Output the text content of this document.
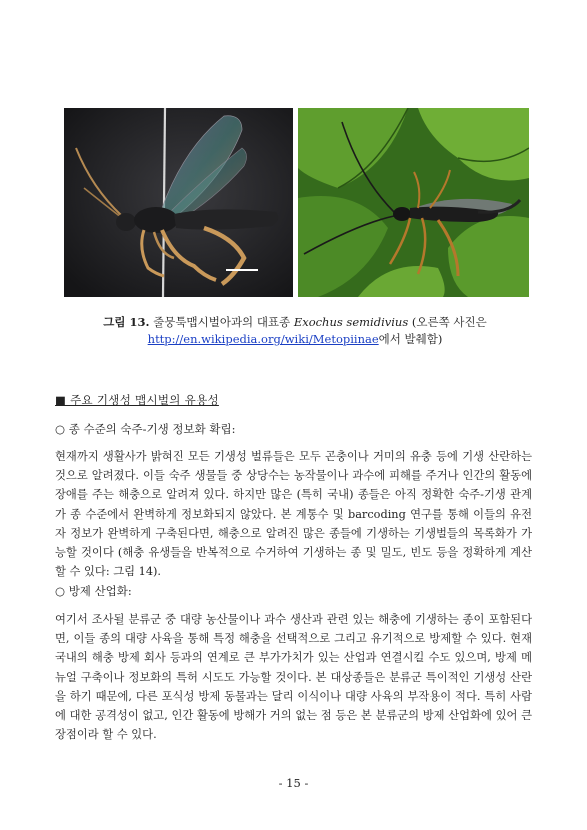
그림 13. 줄뭉툭맵시벌아과의 대표종 Exochus semidivius (오른쪽 사진은
http://en.wikipedia.org/wiki/Metopiinae에서 발췌함)
■ 주요 기생성 맵시벌의 유용성
○ 종 수준의 숙주-기생 정보화 확립:
현재까지 생활사가 밝혀진 모든 기생성 벌류들은 모두 곤충이나 거미의 유충 등에 기생 산란하는 것으로 알려졌다. 이들 숙주 생물들 중 상당수는 농작물이나 과수에 피해를 주거나 인간의 활동에 장애를 주는 해충으로 알려져 있다. 하지만 많은 (특히 국내) 종들은 아직 정확한 숙주-기생 관계가 종 수준에서 완벽하게 정보화되지 않았다. 본 계통수 및 barcoding 연구를 통해 이들의 유전자 정보가 완벽하게 구축된다면, 해충으로 알려진 많은 종들에 기생하는 기생벌들의 목록화가 가능할 것이다 (해충 유생들을 반복적으로 수거하여 기생하는 종 및 밀도, 빈도 등을 정확하게 계산할 수 있다: 그림 14).
○ 방제 산업화:
여기서 조사될 분류군 중 대량 농산물이나 과수 생산과 관련 있는 해충에 기생하는 종이 포함된다면, 이들 종의 대량 사육을 통해 특정 해충을 선택적으로 그리고 유기적으로 방제할 수 있다. 현재 국내의 해충 방제 회사 등과의 연계로 큰 부가가치가 있는 산업과 연결시킬 수도 있으며, 방제 메뉴얼 구축이나 정보화의 특허 시도도 가능할 것이다. 본 대상종들은 분류군 특이적인 기생성 산란을 하기 때문에, 다른 포식성 방제 동물과는 달리 이식이나 대량 사육의 부작용이 적다. 특히 사람에 대한 공격성이 없고, 인간 활동에 방해가 거의 없는 점 등은 본 분류군의 방제 산업화에 있어 큰 장점이라 할 수 있다.
- 15 -
